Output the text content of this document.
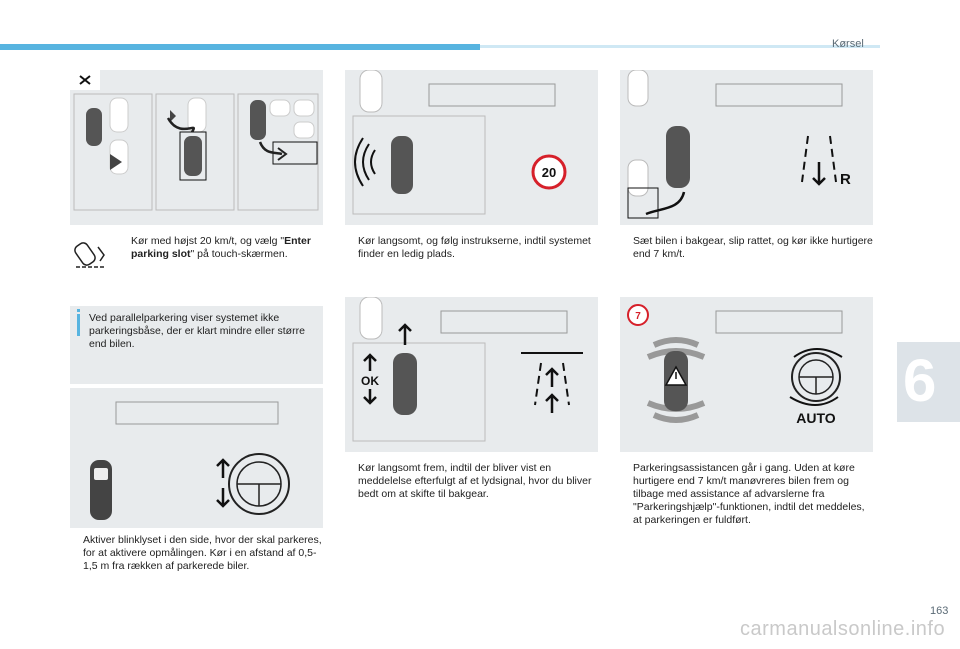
Kørsel
6
Kør med højst 20 km/t, og vælg "Enter parking slot" på touch-skærmen.
Ved parallelparkering viser systemet ikke parkeringsbåse, der er klart mindre eller større end bilen.
Aktiver blinklyset i den side, hvor der skal parkeres, for at aktivere opmålingen. Kør i en afstand af 0,5-1,5 m fra rækken af parkerede biler.
20
Kør langsomt, og følg instrukserne, indtil systemet finder en ledig plads.
OK
Kør langsomt frem, indtil der bliver vist en meddelelse efterfulgt af et lydsignal, hvor du bliver bedt om at skifte til bakgear.
R
Sæt bilen i bakgear, slip rattet, og kør ikke hurtigere end 7 km/t.
7
AUTO
Parkeringsassistancen går i gang. Uden at køre hurtigere end 7 km/t manøvreres bilen frem og tilbage med assistance af advarslerne fra "Parkeringshjælp"-funktionen, indtil det meddeles, at parkeringen er fuldført.
163
carmanualsonline.info
